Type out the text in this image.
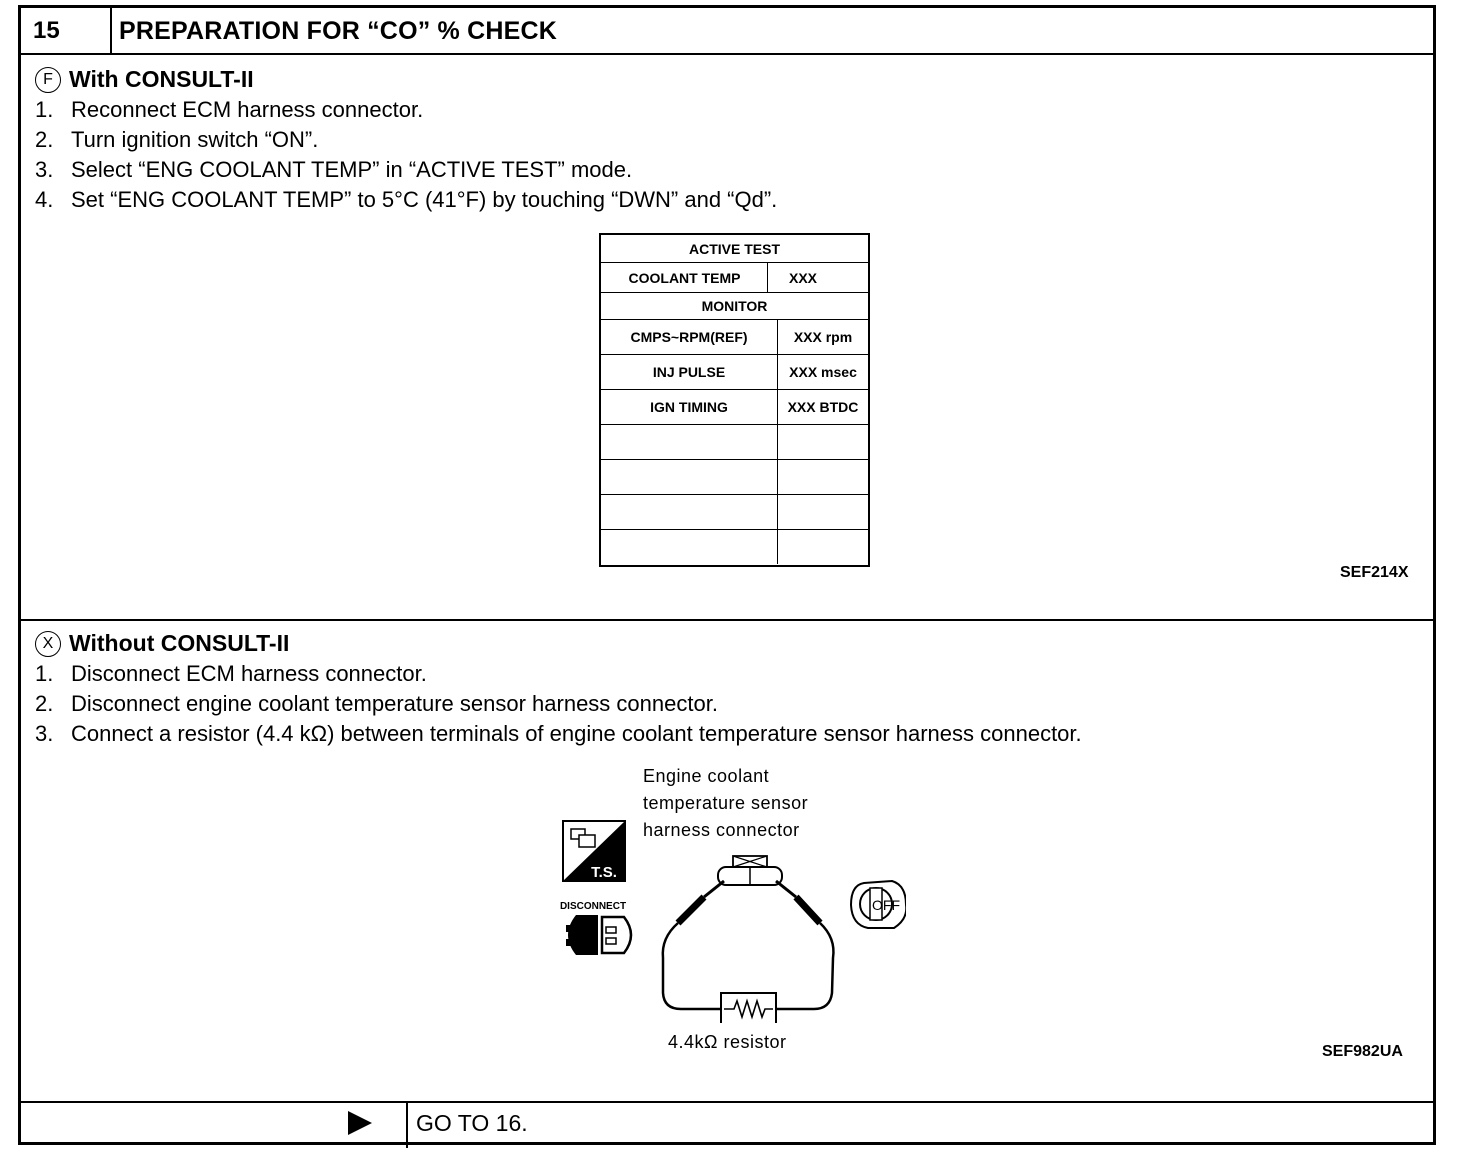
15 PREPARATION FOR “CO” % CHECK
F With CONSULT-II
1. Reconnect ECM harness connector.
2. Turn ignition switch “ON”.
3. Select “ENG COOLANT TEMP” in “ACTIVE TEST” mode.
4. Set “ENG COOLANT TEMP” to 5°C (41°F) by touching “DWN” and “Qd”.
ACTIVE TEST
COOLANT TEMP	XXX
MONITOR
CMPS~RPM(REF)	XXX rpm
INJ PULSE	XXX msec
IGN TIMING	XXX BTDC
SEF214X
X Without CONSULT-II
1. Disconnect ECM harness connector.
2. Disconnect engine coolant temperature sensor harness connector.
3. Connect a resistor (4.4 kΩ) between terminals of engine coolant temperature sensor harness connector.
Engine coolant
temperature sensor
harness connector
4.4kΩ resistor
T.S.
DISCONNECT	OFF
SEF982UA
GO TO 16.
